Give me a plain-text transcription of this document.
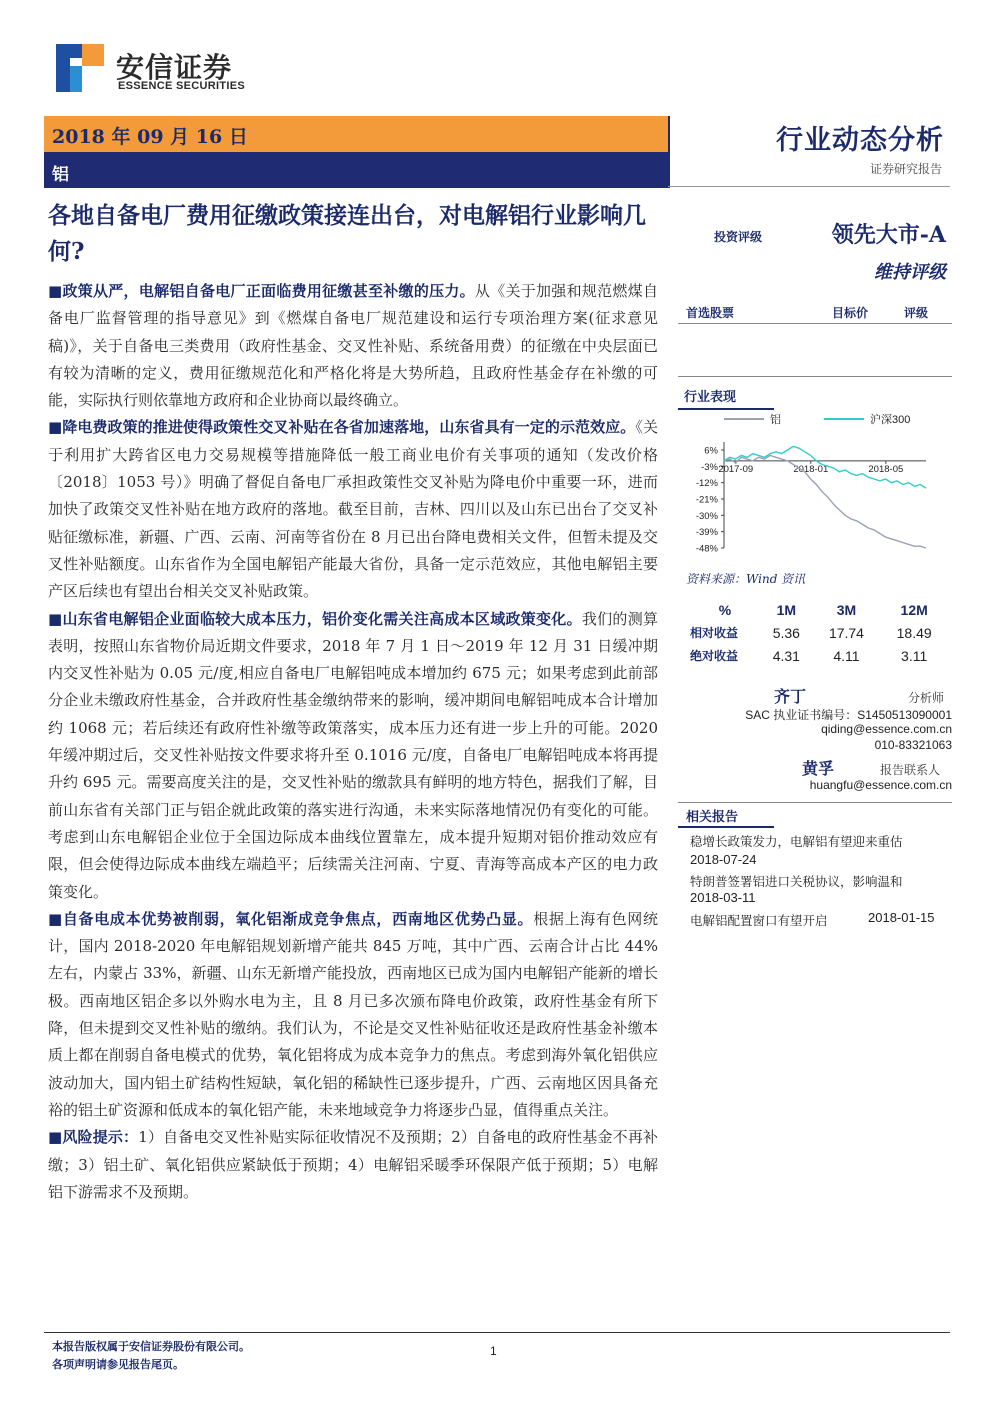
安信证券
ESSENCE SECURITIES
2018 年 09 月 16 日
铝
行业动态分析
证券研究报告
各地自备电厂费用征缴政策接连出台，对电解铝行业影响几何?

■政策从严，电解铝自备电厂正面临费用征缴甚至补缴的压力。从《关于加强和规范燃煤自备电厂监督管理的指导意见》到《燃煤自备电厂规范建设和运行专项治理方案(征求意见稿)》，关于自备电三类费用（政府性基金、交叉性补贴、系统备用费）的征缴在中央层面已有较为清晰的定义，费用征缴规范化和严格化将是大势所趋，且政府性基金存在补缴的可能，实际执行则依靠地方政府和企业协商以最终确立。

■降电费政策的推进使得政策性交叉补贴在各省加速落地，山东省具有一定的示范效应。《关于利用扩大跨省区电力交易规模等措施降低一般工商业电价有关事项的通知（发改价格〔2018〕1053 号）》明确了督促自备电厂承担政策性交叉补贴为降电价中重要一环，进而加快了政策交叉性补贴在地方政府的落地。截至目前，吉林、四川以及山东已出台了交叉补贴征缴标准，新疆、广西、云南、河南等省份在 8 月已出台降电费相关文件，但暂未提及交叉性补贴额度。山东省作为全国电解铝产能最大省份，具备一定示范效应，其他电解铝主要产区后续也有望出台相关交叉补贴政策。

■山东省电解铝企业面临较大成本压力，铝价变化需关注高成本区域政策变化。我们的测算表明，按照山东省物价局近期文件要求，2018 年 7 月 1 日～2019 年 12 月 31 日缓冲期内交叉性补贴为 0.05 元/度,相应自备电厂电解铝吨成本增加约 675 元；如果考虑到此前部分企业未缴政府性基金，合并政府性基金缴纳带来的影响，缓冲期间电解铝吨成本合计增加约 1068 元；若后续还有政府性补缴等政策落实，成本压力还有进一步上升的可能。2020 年缓冲期过后，交叉性补贴按文件要求将升至 0.1016 元/度，自备电厂电解铝吨成本将再提升约 695 元。需要高度关注的是，交叉性补贴的缴款具有鲜明的地方特色，据我们了解，目前山东省有关部门正与铝企就此政策的落实进行沟通，未来实际落地情况仍有变化的可能。考虑到山东电解铝企业位于全国边际成本曲线位置靠左，成本提升短期对铝价推动效应有限，但会使得边际成本曲线左端趋平；后续需关注河南、宁夏、青海等高成本产区的电力政策变化。

■自备电成本优势被削弱，氧化铝渐成竞争焦点，西南地区优势凸显。根据上海有色网统计，国内 2018-2020 年电解铝规划新增产能共 845 万吨，其中广西、云南合计占比 44%左右，内蒙占 33%，新疆、山东无新增产能投放，西南地区已成为国内电解铝产能新的增长极。西南地区铝企多以外购水电为主，且 8 月已多次颁布降电价政策，政府性基金有所下降，但未提到交叉性补贴的缴纳。我们认为，不论是交叉性补贴征收还是政府性基金补缴本质上都在削弱自备电模式的优势，氧化铝将成为成本竞争力的焦点。考虑到海外氧化铝供应波动加大，国内铝土矿结构性短缺，氧化铝的稀缺性已逐步提升，广西、云南地区因具备充裕的铝土矿资源和低成本的氧化铝产能，未来地域竞争力将逐步凸显，值得重点关注。

■风险提示：1）自备电交叉性补贴实际征收情况不及预期；2）自备电的政府性基金不再补缴；3）铝土矿、氧化铝供应紧缺低于预期；4）电解铝采暖季环保限产低于预期；5）电解铝下游需求不及预期。

投资评级	领先大市-A
维持评级
首选股票	目标价	评级
行业表现
铝	沪深300
6%
-3%
-12%
-21%
-30%
-39%
-48%
2017-09	2018-01	2018-05
资料来源：Wind 资讯
%	1M	3M	12M
相对收益	5.36	17.74	18.49
绝对收益	4.31	4.11	3.11
齐丁	分析师
SAC 执业证书编号：S1450513090001
qiding@essence.com.cn
010-83321063
黄孚	报告联系人
huangfu@essence.com.cn
相关报告
稳增长政策发力，电解铝有望迎来重估
2018-07-24
特朗普签署铝进口关税协议，影响温和
2018-03-11
电解铝配置窗口有望开启	2018-01-15
本报告版权属于安信证券股份有限公司。
各项声明请参见报告尾页。
1
